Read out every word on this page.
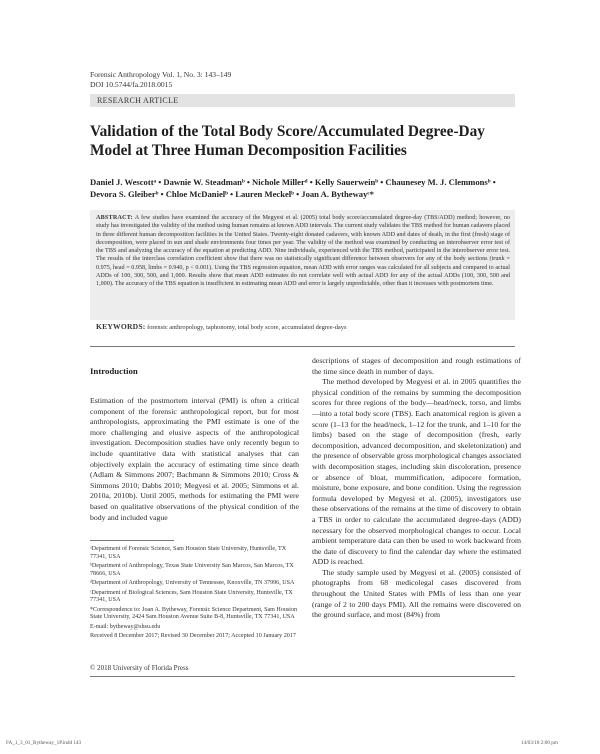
Forensic Anthropology Vol. 1, No. 3: 143–149
DOI 10.5744/fa.2018.0015
RESEARCH ARTICLE
Validation of the Total Body Score/Accumulated Degree-Day Model at Three Human Decomposition Facilities
Daniel J. Wescottᵃ • Dawnie W. Steadmanᵇ • Nichole Millerᵈ • Kelly Sauerweinᵇ • Chaunesey M. J. Clemmonsᵇ •
Devora S. Gleiberᵇ • Chloe McDanielᵇ • Lauren Meckelᵇ • Joan A. Bythewayᶜ*
ABSTRACT: A few studies have examined the accuracy of the Megyesi et al. (2005) total body score/accumulated degree-day (TBS/ADD) method; however, no study has investigated the validity of the method using human remains at known ADD intervals. The current study validates the TBS method for human cadavers placed in three different human decomposition facilities in the United States. Twenty-eight donated cadavers, with known ADD and dates of death, in the first (fresh) stage of decomposition, were placed in sun and shade environments four times per year. The validity of the method was examined by conducting an interobserver error test of the TBS and analyzing the accuracy of the equation at predicting ADD. Nine individuals, experienced with the TBS method, participated in the interobserver error test. The results of the interclass correlation coefficient show that there was no statistically significant difference between observers for any of the body sections (trunk = 0.975, head = 0.958, limbs = 0.940, p < 0.001). Using the TBS regression equation, mean ADD with error ranges was calculated for all subjects and compared to actual ADDs of 100, 300, 500, and 1,000. Results show that mean ADD estimates do not correlate well with actual ADD for any of the actual ADDs (100, 300, 500 and 1,000). The accuracy of the TBS equation is insufficient in estimating mean ADD and error is largely unpredictable, other than it increases with postmortem time.
KEYWORDS: forensic anthropology, taphonomy, total body score, accumulated degree-days
Introduction

Estimation of the postmortem interval (PMI) is often a critical component of the forensic anthropological report, but for most anthropologists, approximating the PMI estimate is one of the more challenging and elusive aspects of the anthropological investigation. Decomposition studies have only recently begun to include quantitative data with statistical analyses that can objectively explain the accuracy of estimating time since death (Adlam & Simmons 2007; Bachmann & Simmons 2010; Cross & Simmons 2010; Dabbs 2010; Megyesi et al. 2005; Simmons et al. 2010a, 2010b). Until 2005, methods for estimating the PMI were based on qualitative observations of the physical condition of the body and included vague

descriptions of stages of decomposition and rough estimations of the time since death in number of days.

The method developed by Megyesi et al. in 2005 quantifies the physical condition of the remains by summing the decomposition scores for three regions of the body—head/neck, torso, and limbs—into a total body score (TBS). Each anatomical region is given a score (1–13 for the head/neck, 1–12 for the trunk, and 1–10 for the limbs) based on the stage of decomposition (fresh, early decomposition, advanced decomposition, and skeletonization) and the presence of observable gross morphological changes associated with decomposition stages, including skin discoloration, presence or absence of bloat, mummification, adipocere formation, moisture, bone exposure, and bone condition. Using the regression formula developed by Megyesi et al. (2005), investigators use these observations of the remains at the time of discovery to obtain a TBS in order to calculate the accumulated degree-days (ADD) necessary for the observed morphological changes to occur. Local ambient temperature data can then be used to work backward from the date of discovery to find the calendar day where the estimated ADD is reached.

The study sample used by Megyesi et al. (2005) consisted of photographs from 68 medicolegal cases discovered from throughout the United States with PMIs of less than one year (range of 2 to 200 days PMI). All the remains were discovered on the ground surface, and most (84%) from

ᵃDepartment of Forensic Science, Sam Houston State University, Huntsville, TX 77341, USA
ᵇDepartment of Anthropology, Texas State University San Marcos, San Marcos, TX 78666, USA
ᵈDepartment of Anthropology, University of Tennessee, Knoxville, TN 37996, USA
ᶜDepartment of Biological Sciences, Sam Houston State University, Huntsville, TX 77341, USA
*Correspondence to: Joan A. Bytheway, Forensic Science Department, Sam Houston State University, 2424 Sam Houston Avenue Suite B-8, Huntsville, TX 77341, USA
E-mail: bytheway@shsu.edu
Received 8 December 2017; Revised 30 December 2017; Accepted 10 January 2017
© 2018 University of Florida Press
FA_1_3_01_Bytheway_1P.indd 143	14/03/18 2:00 pm
